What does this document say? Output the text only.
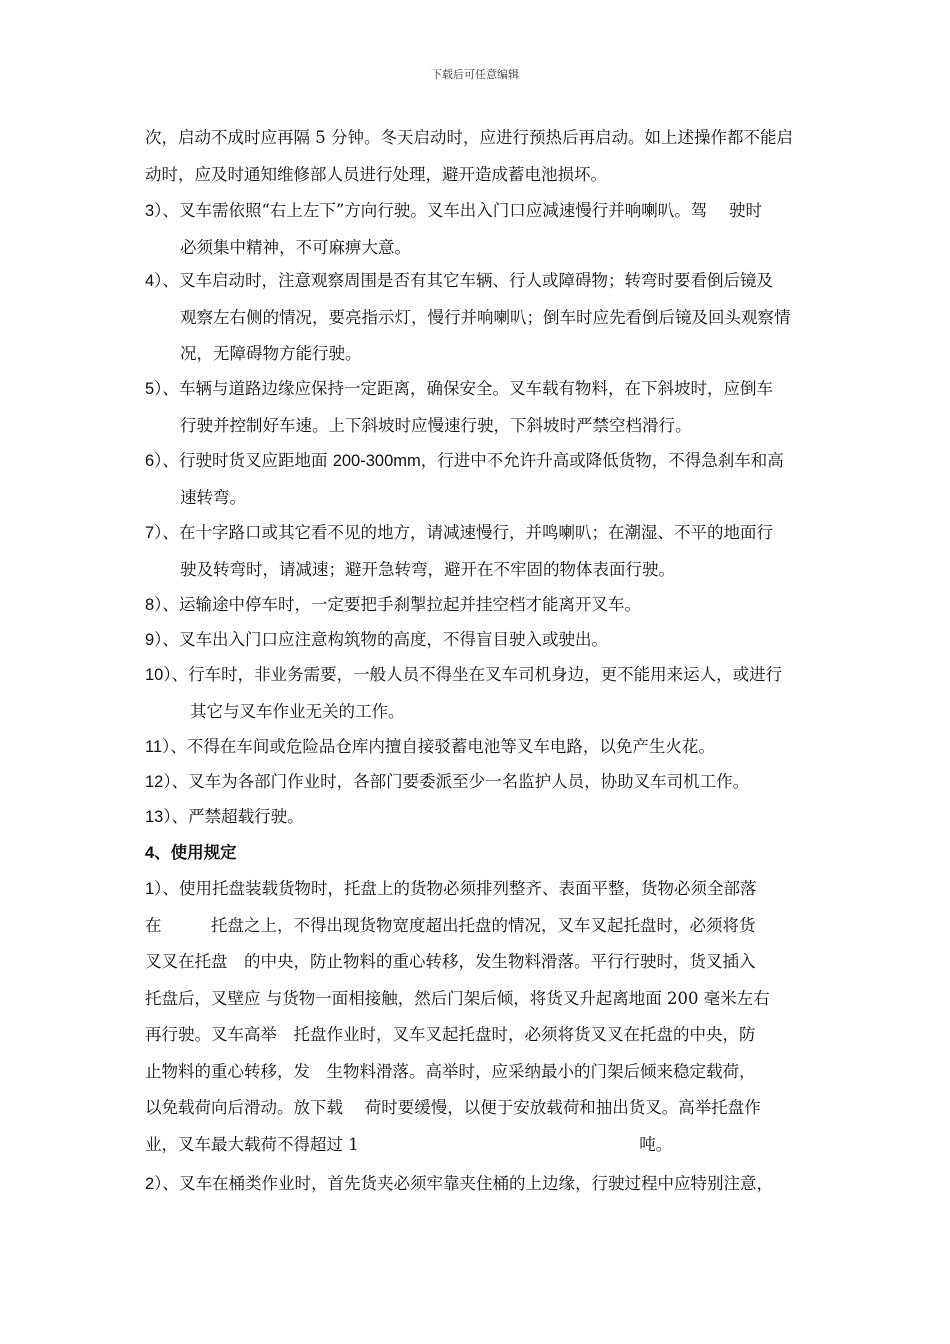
下载后可任意编辑
次，启动不成时应再隔 5 分钟。冬天启动时，应进行预热后再启动。如上述操作都不能启
动时，应及时通知维修部人员进行处理，避开造成蓄电池损坏。
3）、叉车需依照“右上左下”方向行驶。叉车出入门口应减速慢行并响喇叭。驾　 驶时
必须集中精神，不可麻痹大意。
4）、叉车启动时，注意观察周围是否有其它车辆、行人或障碍物；转弯时要看倒后镜及
观察左右侧的情况，要亮指示灯，慢行并响喇叭；倒车时应先看倒后镜及回头观察情
况，无障碍物方能行驶。
5）、车辆与道路边缘应保持一定距离，确保安全。叉车载有物料，在下斜坡时，应倒车
行驶并控制好车速。上下斜坡时应慢速行驶，下斜坡时严禁空档滑行。
6）、行驶时货叉应距地面 200-300mm，行进中不允许升高或降低货物，不得急刹车和高
速转弯。
7）、在十字路口或其它看不见的地方，请减速慢行，并鸣喇叭；在潮湿、不平的地面行
驶及转弯时，请减速；避开急转弯，避开在不牢固的物体表面行驶。
8）、运输途中停车时，一定要把手刹掣拉起并挂空档才能离开叉车。
9）、叉车出入门口应注意构筑物的高度，不得盲目驶入或驶出。
10）、行车时，非业务需要，一般人员不得坐在叉车司机身边，更不能用来运人，或进行
其它与叉车作业无关的工作。
11）、不得在车间或危险品仓库内擅自接驳蓄电池等叉车电路，以免产生火花。
12）、叉车为各部门作业时，各部门要委派至少一名监护人员，协助叉车司机工作。
13）、严禁超载行驶。
4、使用规定
1）、使用托盘装载货物时，托盘上的货物必须排列整齐、表面平整，货物必须全部落
在　　　托盘之上，不得出现货物宽度超出托盘的情况，叉车叉起托盘时，必须将货
叉叉在托盘　的中央，防止物料的重心转移，发生物料滑落。平行行驶时，货叉插入
托盘后，叉壁应 与货物一面相接触，然后门架后倾，将货叉升起离地面 200 毫米左右
再行驶。叉车高举　托盘作业时，叉车叉起托盘时，必须将货叉叉在托盘的中央，防
止物料的重心转移，发　生物料滑落。高举时，应采纳最小的门架后倾来稳定载荷，
以免载荷向后滑动。放下载　 荷时要缓慢，以便于安放载荷和抽出货叉。高举托盘作
业，叉车最大载荷不得超过 1　　　　　　　　　　　　　　　　　吨。
2）、叉车在桶类作业时，首先货夹必须牢靠夹住桶的上边缘，行驶过程中应特别注意，
